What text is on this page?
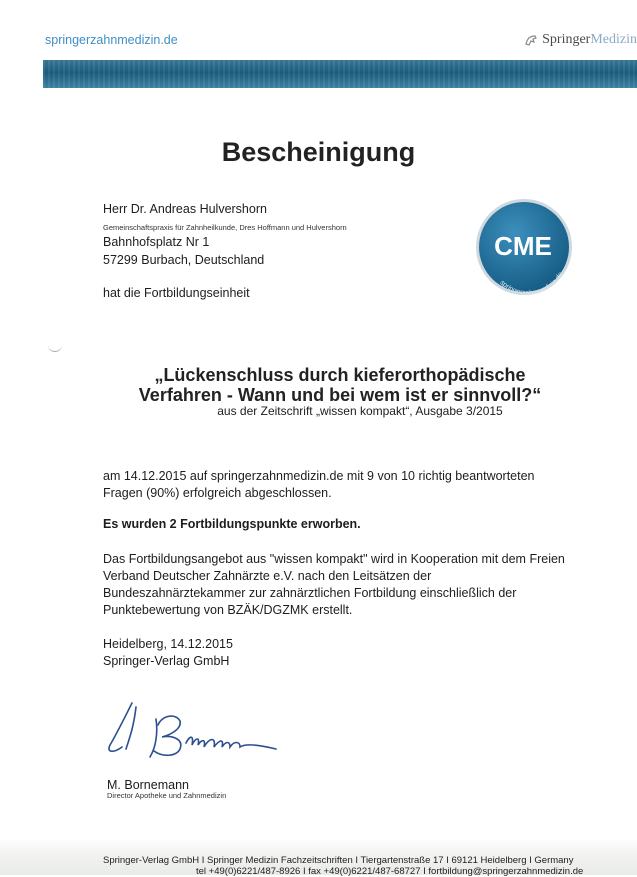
springerzahnmedizin.de	SpringerMedizin
Bescheinigung
Herr Dr. Andreas Hulvershorn
Gemeinschaftspraxis für Zahnheilkunde, Dres Hoffmann und Hulvershorn
Bahnhofsplatz Nr 1
57299 Burbach, Deutschland
hat die Fortbildungseinheit
CME
springerzahnmedizin.de
„Lückenschluss durch kieferorthopädische
Verfahren - Wann und bei wem ist er sinnvoll?“
aus der Zeitschrift „wissen kompakt“, Ausgabe 3/2015
am 14.12.2015 auf springerzahnmedizin.de mit 9 von 10 richtig beantworteten
Fragen (90%) erfolgreich abgeschlossen.
Es wurden 2 Fortbildungspunkte erworben.
Das Fortbildungsangebot aus "wissen kompakt" wird in Kooperation mit dem Freien
Verband Deutscher Zahnärzte e.V. nach den Leitsätzen der
Bundeszahnärztekammer zur zahnärztlichen Fortbildung einschließlich der
Punktebewertung von BZÄK/DGZMK erstellt.
Heidelberg, 14.12.2015
Springer-Verlag GmbH
M. Bornemann
Director Apotheke und Zahnmedizin
Springer-Verlag GmbH I Springer Medizin Fachzeitschriften I Tiergartenstraße 17 I 69121 Heidelberg I Germany
tel +49(0)6221/487-8926 I fax +49(0)6221/487-68727 I fortbildung@springerzahnmedizin.de
